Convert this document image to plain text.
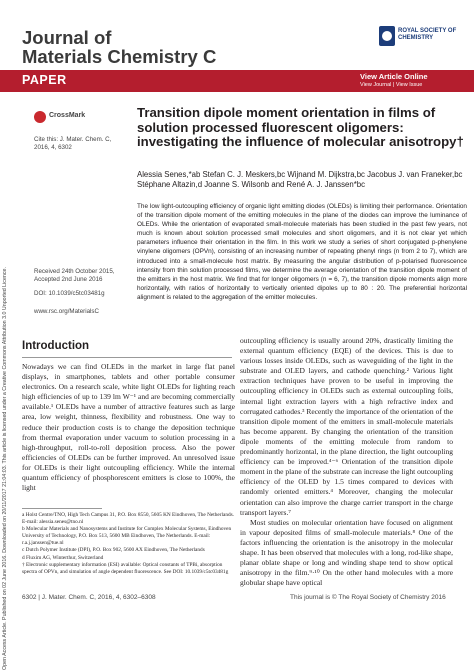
Journal of
Materials Chemistry C
ROYAL SOCIETY OF CHEMISTRY
PAPER	View Article Online
View Journal | View Issue
Open Access Article. Published on 02 June 2016. Downloaded on 20/11/2017 21:04:03. This article is licensed under a Creative Commons Attribution 3.0 Unported Licence.
CrossMark
Cite this: J. Mater. Chem. C, 2016, 4, 6302
Transition dipole moment orientation in films of solution processed fluorescent oligomers: investigating the influence of molecular anisotropy†
Alessia Senes,*ab Stefan C. J. Meskers,bc Wijnand M. Dijkstra,bc Jacobus J. van Franeker,bc Stéphane Altazin,d Joanne S. Wilsonb and René A. J. Janssen*bc
The low light-outcoupling efficiency of organic light emitting diodes (OLEDs) is limiting their performance. Orientation of the transition dipole moment of the emitting molecules in the plane of the diodes can improve the luminance of OLEDs. While the orientation of evaporated small-molecule materials has been studied in the past few years, not much is known about solution processed small molecules and short oligomers, and it is not clear yet which parameters influence their orientation in the film. In this work we study a series of short conjugated p-phenylene vinylene oligomers (OPVn), consisting of an increasing number of repeating phenyl rings (n from 2 to 7), which are introduced into a small-molecule host matrix. By measuring the angular distribution of p-polarised fluorescence intensity from thin solution processed films, we determine the average orientation of the transition dipole moment of the emitters in the host matrix. We find that for longer oligomers (n = 6, 7), the transition dipole moments align more horizontally, with ratios of horizontally to vertically oriented dipoles up to 80 : 20. The preferential horizontal alignment is related to the aggregation of the emitter molecules.
Received 24th October 2015, Accepted 2nd June 2016
DOI: 10.1039/c5tc03481g
www.rsc.org/MaterialsC
Introduction

Nowadays we can find OLEDs in the market in large flat panel displays, in smartphones, tablets and other portable consumer electronics. On a research scale, white light OLEDs for lighting reach high efficiencies of up to 139 lm W⁻¹ and are becoming commercially available.¹ OLEDs have a number of attractive features such as large area, low weight, thinness, flexibility and robustness. One way to reduce their production costs is to change the deposition technique from thermal evaporation under vacuum to solution processing in a high-throughput, roll-to-roll deposition process. Also the power efficiencies of OLEDs can be further improved. An unresolved issue for OLEDs is their light outcoupling efficiency. While the internal quantum efficiency of phosphorescent emitters is close to 100%, the light

outcoupling efficiency is usually around 20%, drastically limiting the external quantum efficiency (EQE) of the devices. This is due to various losses inside OLEDs, such as waveguiding of the light in the substrate and OLED layers, and cathode quenching.² Various light extraction techniques have proven to be useful in improving the outcoupling efficiency in OLEDs such as external outcoupling foils, internal light extraction layers with a high refractive index and corrugated cathodes.³ Recently the importance of the orientation of the transition dipole moment of the emitters in small-molecule materials has become apparent. By changing the orientation of the transition dipole moments of the emitting molecule from random to predominantly horizontal, in the plane direction, the light outcoupling efficiency can be improved.⁴⁻⁶ Orientation of the transition dipole moment in the plane of the substrate can increase the light outcoupling efficiency of the OLED by 1.5 times compared to devices with randomly oriented emitters.⁴ Moreover, changing the molecular orientation can also improve the charge carrier transport in the charge transport layers.⁷

Most studies on molecular orientation have focused on alignment in vapour deposited films of small-molecule materials.⁸ One of the factors influencing the orientation is the anisotropy in the molecular shape. It has been observed that molecules with a long, rod-like shape, planar oblate shape or long and winding shape tend to show optical anisotropy in the film.⁹·¹⁰ On the other hand molecules with a more globular shape have optical

a Holst Centre/TNO, High Tech Campus 31, P.O. Box 8550, 5605 KN Eindhoven, The Netherlands. E-mail: alessia.senes@tno.nl
b Molecular Materials and Nanosystems and Institute for Complex Molecular Systems, Eindhoven University of Technology, P.O. Box 513, 5600 MB Eindhoven, The Netherlands. E-mail: r.a.j.janssen@tue.nl
c Dutch Polymer Institute (DPI), P.O. Box 902, 5600 AX Eindhoven, The Netherlands
d Fluxim AG, Winterthur, Switzerland
† Electronic supplementary information (ESI) available: Optical constants of TPBi, absorption spectra of OPVn, and simulation of angle dependent fluorescence. See DOI: 10.1039/c5tc03481g
6302 | J. Mater. Chem. C, 2016, 4, 6302–6308	This journal is © The Royal Society of Chemistry 2016
